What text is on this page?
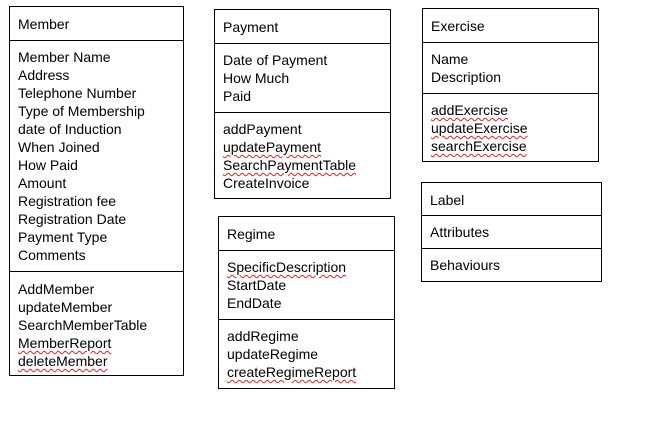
Member
Member Name
Address
Telephone Number
Type of Membership
date of Induction
When Joined
How Paid
Amount
Registration fee
Registration Date
Payment Type
Comments
AddMember
updateMember
SearchMemberTable
MemberReport
deleteMember
Payment
Date of Payment
How Much
Paid
addPayment
updatePayment
SearchPaymentTable
CreateInvoice
Exercise
Name
Description
addExercise
updateExercise
searchExercise
Label
Attributes
Behaviours
Regime
SpecificDescription
StartDate
EndDate
addRegime
updateRegime
createRegimeReport
